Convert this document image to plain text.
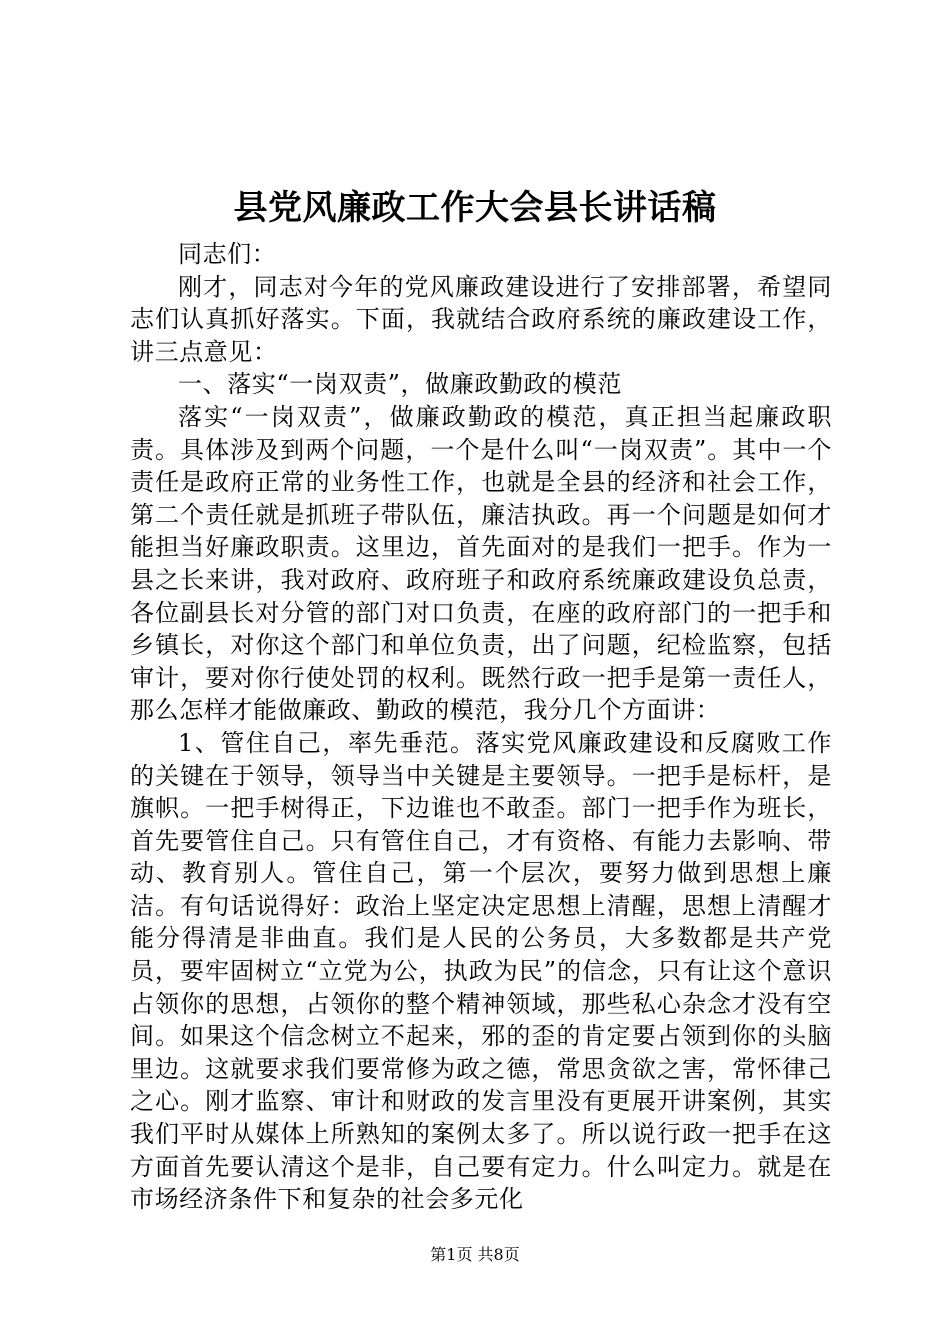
县党风廉政工作大会县长讲话稿

同志们：

刚才，同志对今年的党风廉政建设进行了安排部署，希望同志们认真抓好落实。下面，我就结合政府系统的廉政建设工作，讲三点意见：

一、落实“一岗双责”，做廉政勤政的模范

落实“一岗双责”，做廉政勤政的模范，真正担当起廉政职责。具体涉及到两个问题，一个是什么叫“一岗双责”。其中一个责任是政府正常的业务性工作，也就是全县的经济和社会工作，第二个责任就是抓班子带队伍，廉洁执政。再一个问题是如何才能担当好廉政职责。这里边，首先面对的是我们一把手。作为一县之长来讲，我对政府、政府班子和政府系统廉政建设负总责，各位副县长对分管的部门对口负责，在座的政府部门的一把手和乡镇长，对你这个部门和单位负责，出了问题，纪检监察，包括审计，要对你行使处罚的权利。既然行政一把手是第一责任人，那么怎样才能做廉政、勤政的模范，我分几个方面讲：

1、管住自己，率先垂范。落实党风廉政建设和反腐败工作的关键在于领导，领导当中关键是主要领导。一把手是标杆，是旗帜。一把手树得正，下边谁也不敢歪。部门一把手作为班长，首先要管住自己。只有管住自己，才有资格、有能力去影响、带动、教育别人。管住自己，第一个层次，要努力做到思想上廉洁。有句话说得好：政治上坚定决定思想上清醒，思想上清醒才能分得清是非曲直。我们是人民的公务员，大多数都是共产党员，要牢固树立“立党为公，执政为民”的信念，只有让这个意识占领你的思想，占领你的整个精神领域，那些私心杂念才没有空间。如果这个信念树立不起来，邪的歪的肯定要占领到你的头脑里边。这就要求我们要常修为政之德，常思贪欲之害，常怀律己之心。刚才监察、审计和财政的发言里没有更展开讲案例，其实我们平时从媒体上所熟知的案例太多了。所以说行政一把手在这方面首先要认清这个是非，自己要有定力。什么叫定力。就是在市场经济条件下和复杂的社会多元化

第1页 共8页
